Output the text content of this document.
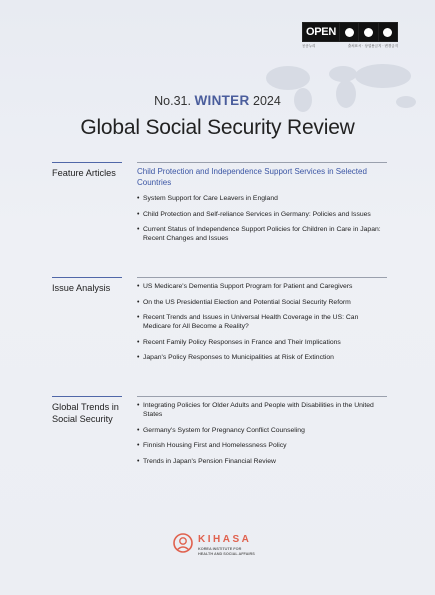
OPEN
공공누리	출처표시 · 상업용금지 · 변경금지
No.31. WINTER 2024
Global Social Security Review
Feature Articles	Child Protection and Independence Support Services in Selected Countries
• System Support for Care Leavers in England
• Child Protection and Self-reliance Services in Germany: Policies and Issues
• Current Status of Independence Support Policies for Children in Care in Japan: Recent Changes and Issues
Issue Analysis
•	US Medicare's Dementia Support Program for Patient and Caregivers
• On the US Presidential Election and Potential Social Security Reform
• Recent Trends and Issues in Universal Health Coverage in the US: Can Medicare for All Become a Reality?
• Recent Family Policy Responses in France and Their Implications
• Japan's Policy Responses to Municipalities at Risk of Extinction
Global Trends in Social Security
• Integrating Policies for Older Adults and People with Disabilities in the United States
• Germany's System for Pregnancy Conflict Counseling
• Finnish Housing First and Homelessness Policy
• Trends in Japan's Pension Financial Review
KIHASA
KOREA INSTITUTE FOR
HEALTH AND SOCIAL AFFAIRS
